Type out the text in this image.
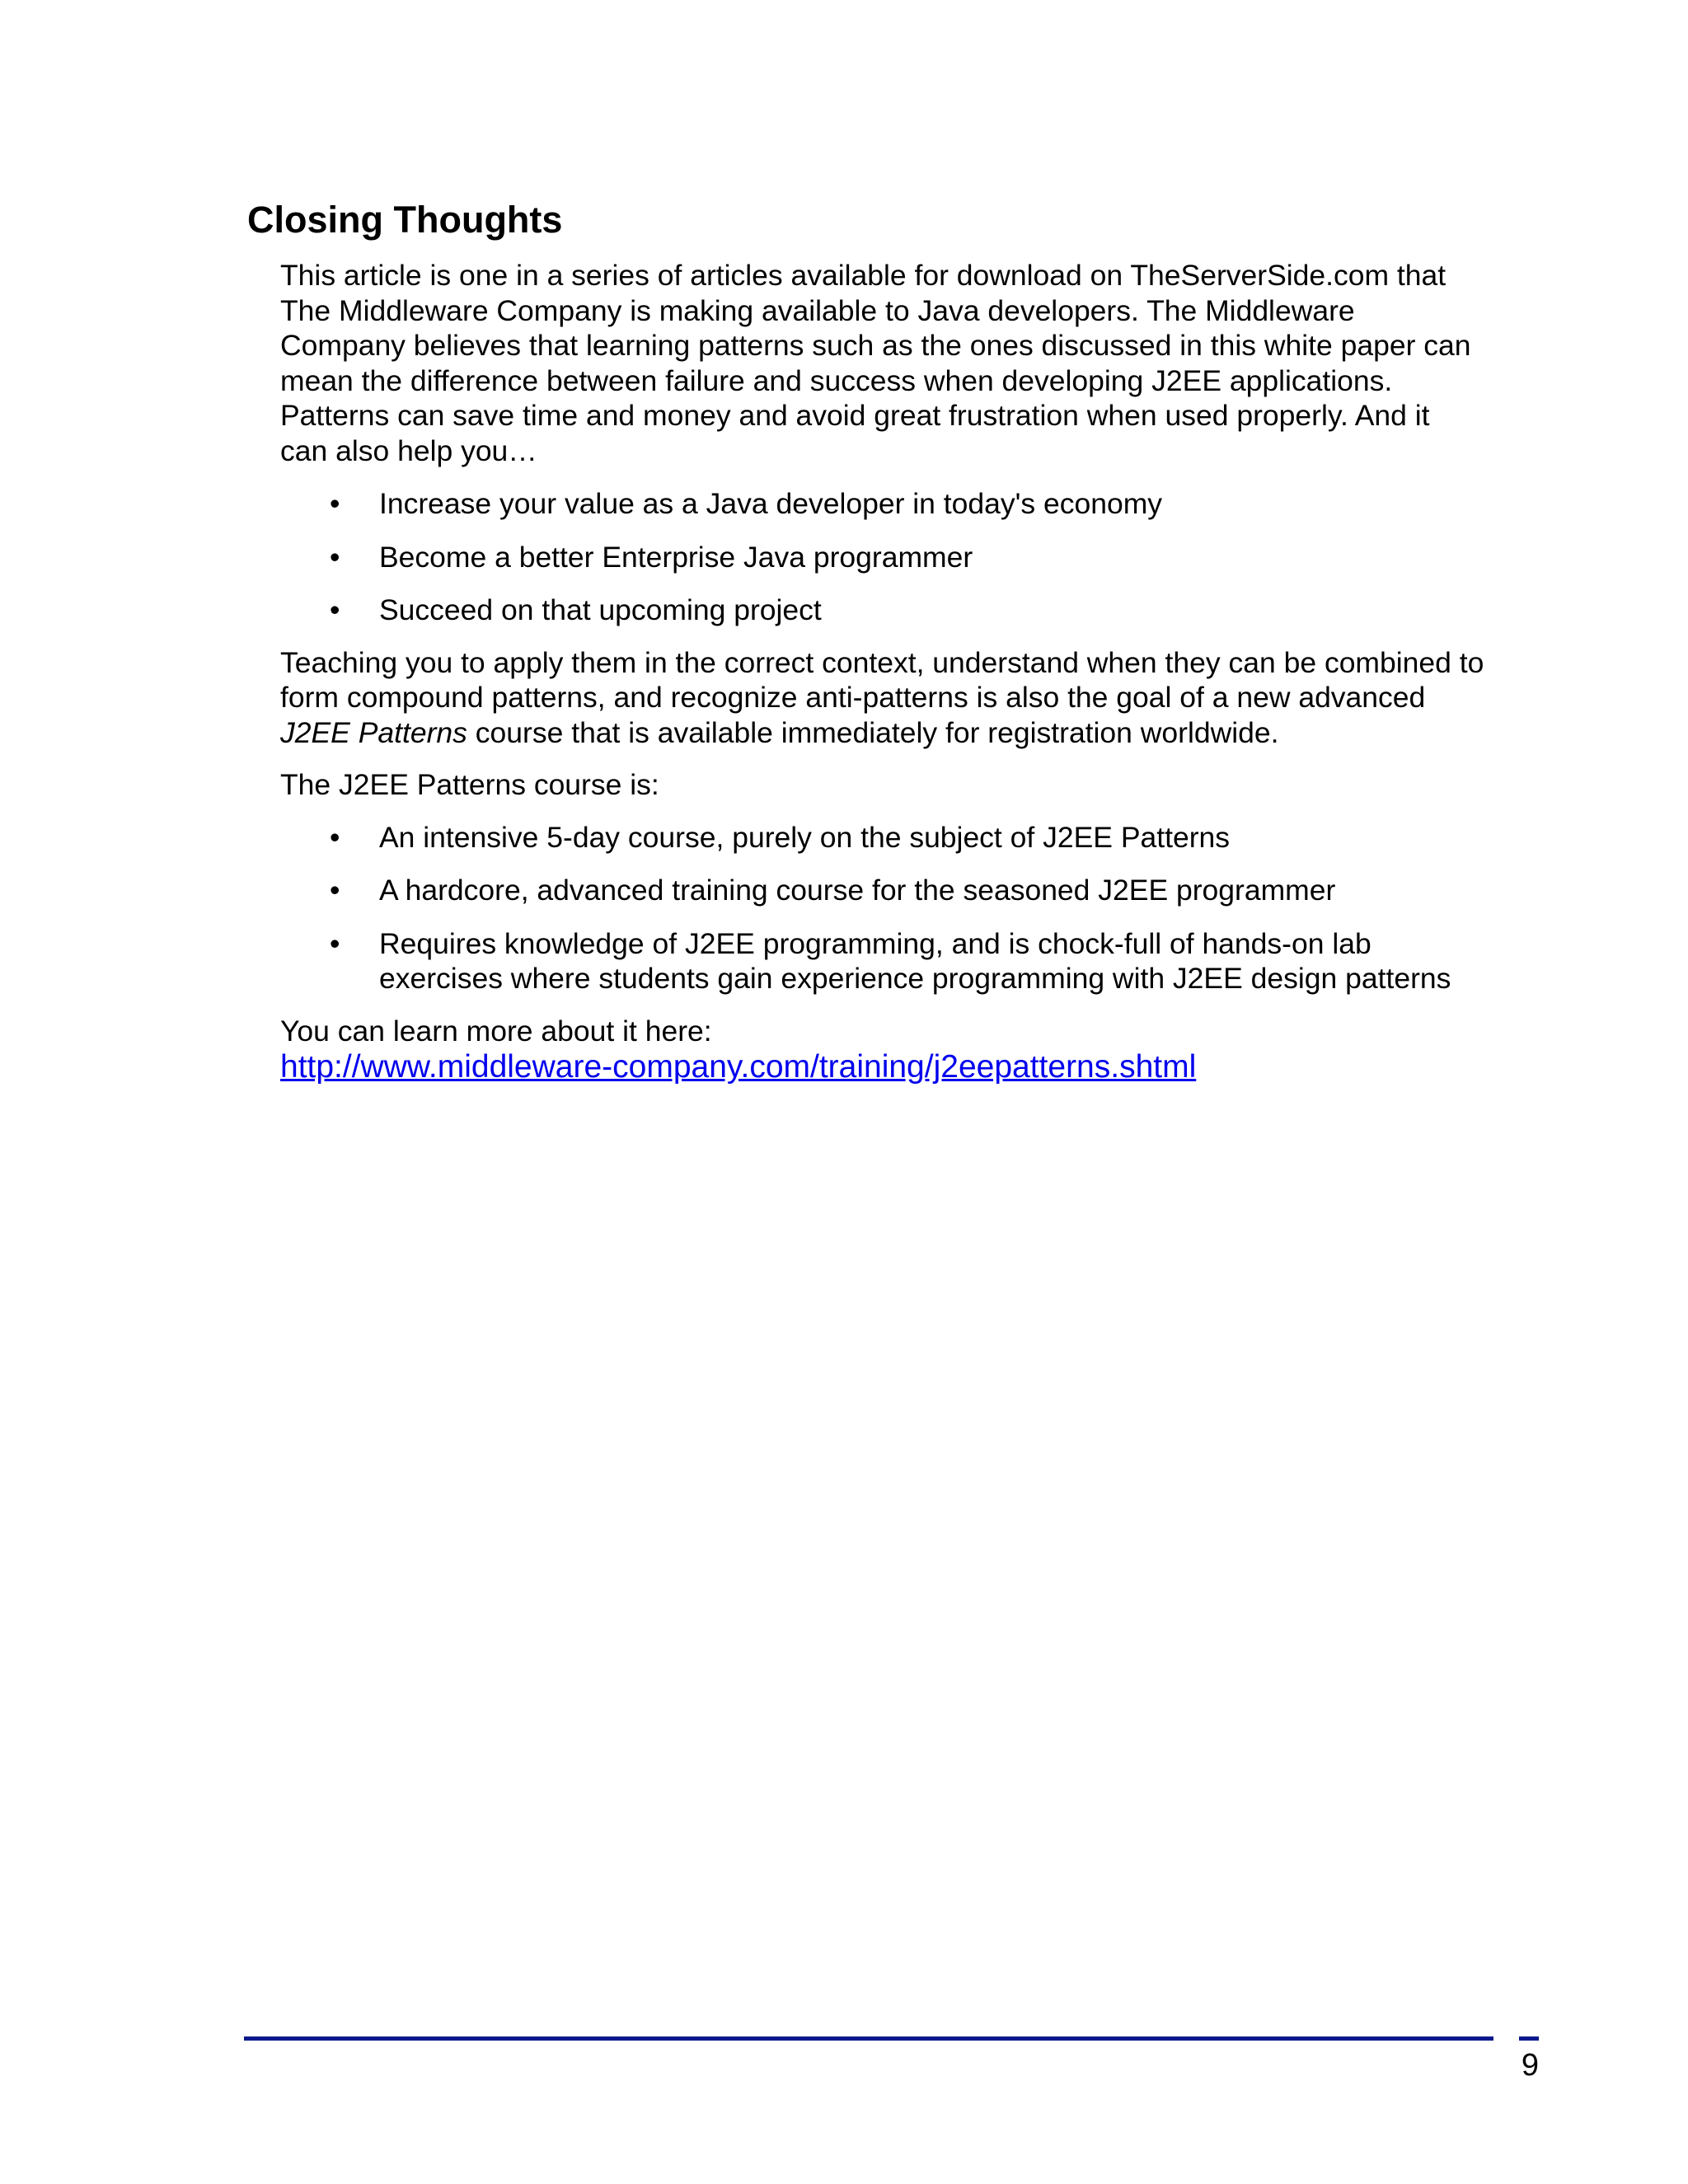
Closing Thoughts

This article is one in a series of articles available for download on TheServerSide.com that
The Middleware Company is making available to Java developers. The Middleware
Company believes that learning patterns such as the ones discussed in this white paper can
mean the difference between failure and success when developing J2EE applications.
Patterns can save time and money and avoid great frustration when used properly. And it
can also help you…

• Increase your value as a Java developer in today's economy
• Become a better Enterprise Java programmer
• Succeed on that upcoming project

Teaching you to apply them in the correct context, understand when they can be combined to
form compound patterns, and recognize anti-patterns is also the goal of a new advanced
J2EE Patterns course that is available immediately for registration worldwide.

The J2EE Patterns course is:

• An intensive 5-day course, purely on the subject of J2EE Patterns
• A hardcore, advanced training course for the seasoned J2EE programmer
• Requires knowledge of J2EE programming, and is chock-full of hands-on lab
exercises where students gain experience programming with J2EE design patterns

You can learn more about it here:
http://www.middleware-company.com/training/j2eepatterns.shtml

9
